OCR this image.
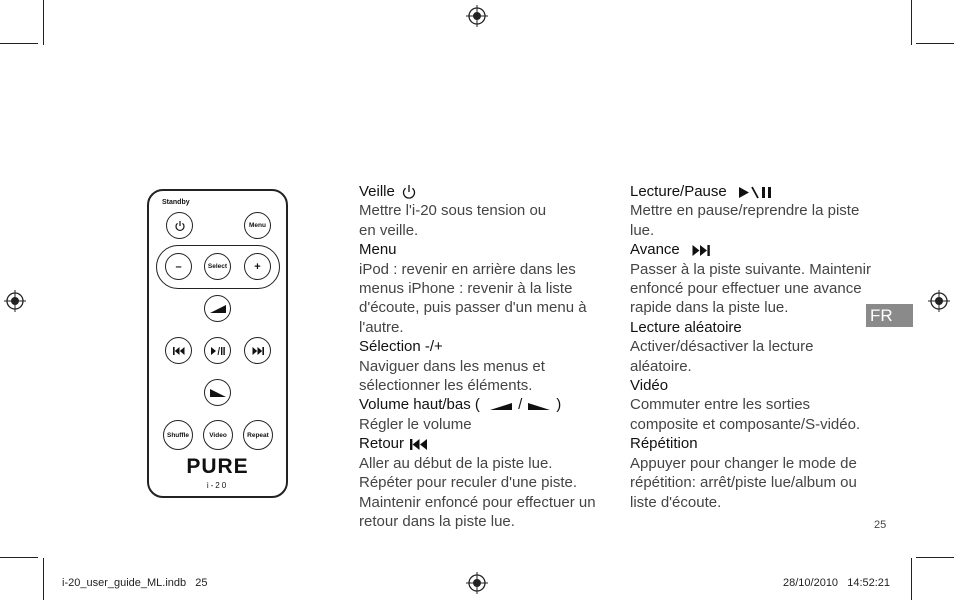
Standby
Menu
–	Select +
Shuffle	Video	Repeat
PURE
i-20
Veille
Mettre l'i-20 sous tension ou en veille.
Menu
iPod : revenir en arrière dans les menus iPhone : revenir à la liste d'écoute, puis passer d'un menu à l'autre.
Sélection -/+
Naviguer dans les menus et sélectionner les éléments.
Volume haut/bas (	/ )
Régler le volume
Retour
Aller au début de la piste lue. Répéter pour reculer d'une piste. Maintenir enfoncé pour effectuer un retour dans la piste lue.
Lecture/Pause
Mettre en pause/reprendre la piste lue.
Avance
Passer à la piste suivante. Maintenir enfoncé pour effectuer une avance rapide dans la piste lue.
Lecture aléatoire
Activer/désactiver la lecture aléatoire.
Vidéo
Commuter entre les sorties composite et composante/S-vidéo.
Répétition
Appuyer pour changer le mode de répétition: arrêt/piste lue/album ou liste d'écoute.
FR
25
i-20_user_guide_ML.indb   25	28/10/2010   14:52:21
